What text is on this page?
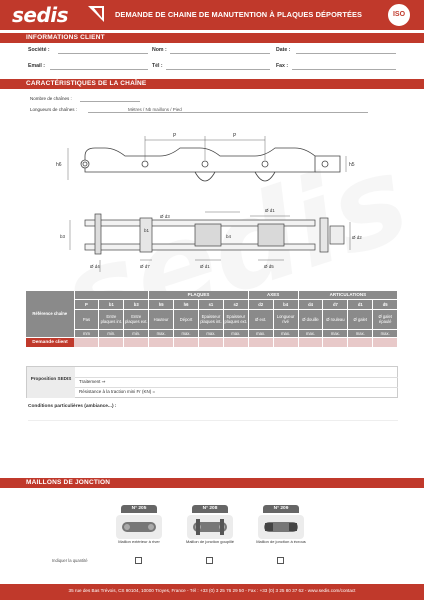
sedis	DEMANDE DE CHAINE DE MANUTENTION À PLAQUES DÉPORTÉES	ISO
INFORMATIONS CLIENT
Société :	Nom :	Date :
Email :	Tél :	Fax :
CARACTÉRISTIQUES DE LA CHAÎNE
Nombre de chaînes :
Longueurs de chaînes :	Mètres / Nb maillons / Pied
P	P
h6	h5
b3
b1
Ø d3
Ø d1
b4	Ø d2
Ø d4	Ø d7	Ø d1	Ø d5
Référence chaîne				PLAQUES				AXES		ARTICULATIONS			
	P	b1	b3	h5	h6	s1	s2	d2	b4	d4	d7	d1	d5
	Pas	Entre plaques int.	Entre plaques ext.	Hauteur	Déport	Epaisseur plaques int.	Epaisseur plaques ext.	Ø ext.	Longueur rivé	Ø douille	Ø rouleau	Ø galet	Ø galet épaulé
	mm	min.	min.	max.	max.	max.	max.	max.	max.	max.	max.	max.	max.
Demande client													
Proposition SEDIS
Traitement ⇒
Résistance à la traction mini Fr (KN) =
Conditions particulières (ambiance...) :
MAILLONS DE JONCTION
N° 205	N° 208	N° 209
Maillon extérieur à river	Maillon de jonction goupillé	Maillon de jonction à écrous
Indiquer la quantité
35 rue des Bas Trévois, CS 90104, 10000 Troyes, France - Tél : +33 (0) 3 25 76 29 50 - Fax : +33 (0) 3 25 80 37 62 - www.sedis.com/contact
